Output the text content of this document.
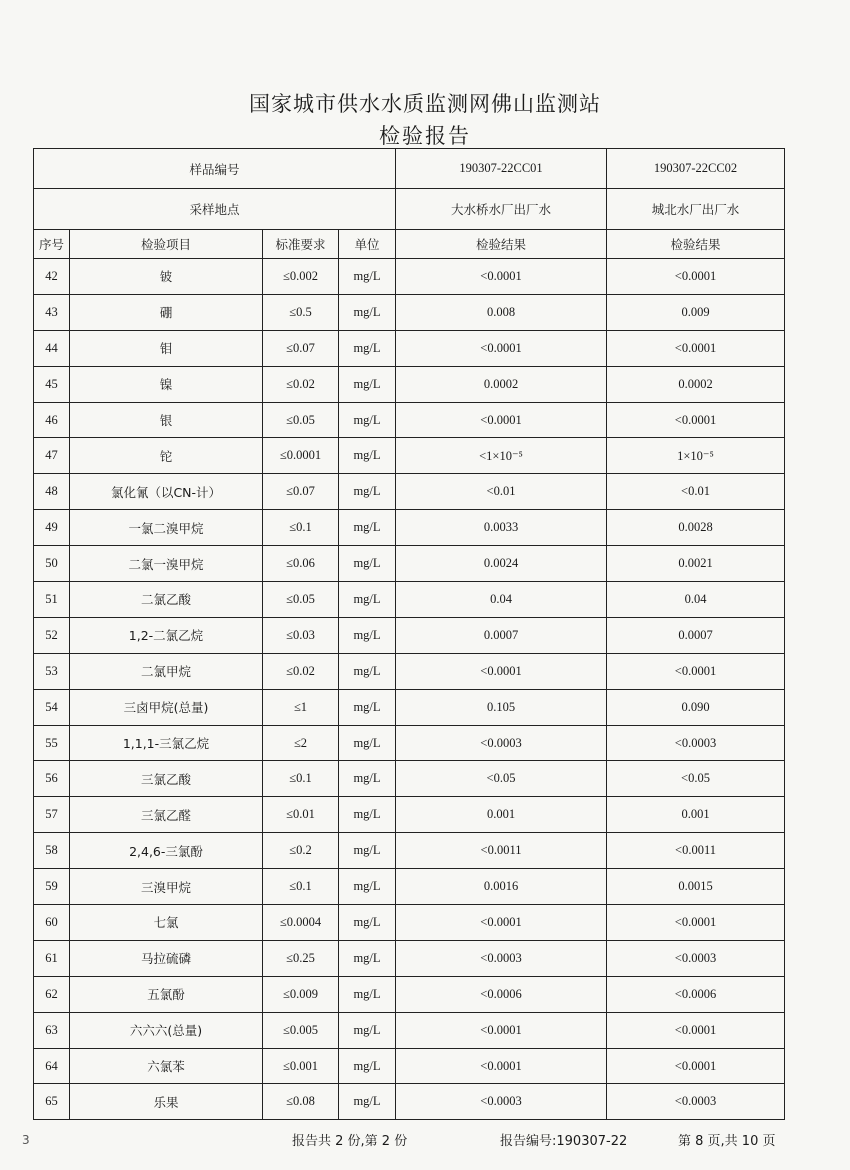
国家城市供水水质监测网佛山监测站
检验报告
样品编号				190307-22CC01	190307-22CC02
采样地点				大水桥水厂出厂水	城北水厂出厂水
序号	检验项目	标准要求	单位	检验结果	检验结果
42	铍	≤0.002	mg/L	<0.0001	<0.0001
43	硼	≤0.5	mg/L	0.008	0.009
44	钼	≤0.07	mg/L	<0.0001	<0.0001
45	镍	≤0.02	mg/L	0.0002	0.0002
46	银	≤0.05	mg/L	<0.0001	<0.0001
47	铊	≤0.0001	mg/L	<1×10⁻⁵	1×10⁻⁵
48	氯化氰（以CN-计）	≤0.07	mg/L	<0.01	<0.01
49	一氯二溴甲烷	≤0.1	mg/L	0.0033	0.0028
50	二氯一溴甲烷	≤0.06	mg/L	0.0024	0.0021
51	二氯乙酸	≤0.05	mg/L	0.04	0.04
52	1,2-二氯乙烷	≤0.03	mg/L	0.0007	0.0007
53	二氯甲烷	≤0.02	mg/L	<0.0001	<0.0001
54	三卤甲烷(总量)	≤1	mg/L	0.105	0.090
55	1,1,1-三氯乙烷	≤2	mg/L	<0.0003	<0.0003
56	三氯乙酸	≤0.1	mg/L	<0.05	<0.05
57	三氯乙醛	≤0.01	mg/L	0.001	0.001
58	2,4,6-三氯酚	≤0.2	mg/L	<0.0011	<0.0011
59	三溴甲烷	≤0.1	mg/L	0.0016	0.0015
60	七氯	≤0.0004	mg/L	<0.0001	<0.0001
61	马拉硫磷	≤0.25	mg/L	<0.0003	<0.0003
62	五氯酚	≤0.009	mg/L	<0.0006	<0.0006
63	六六六(总量)	≤0.005	mg/L	<0.0001	<0.0001
64	六氯苯	≤0.001	mg/L	<0.0001	<0.0001
65	乐果	≤0.08	mg/L	<0.0003	<0.0003
报告共 2 份,第 2 份	报告编号:190307-22	第 8 页,共 10 页
3
